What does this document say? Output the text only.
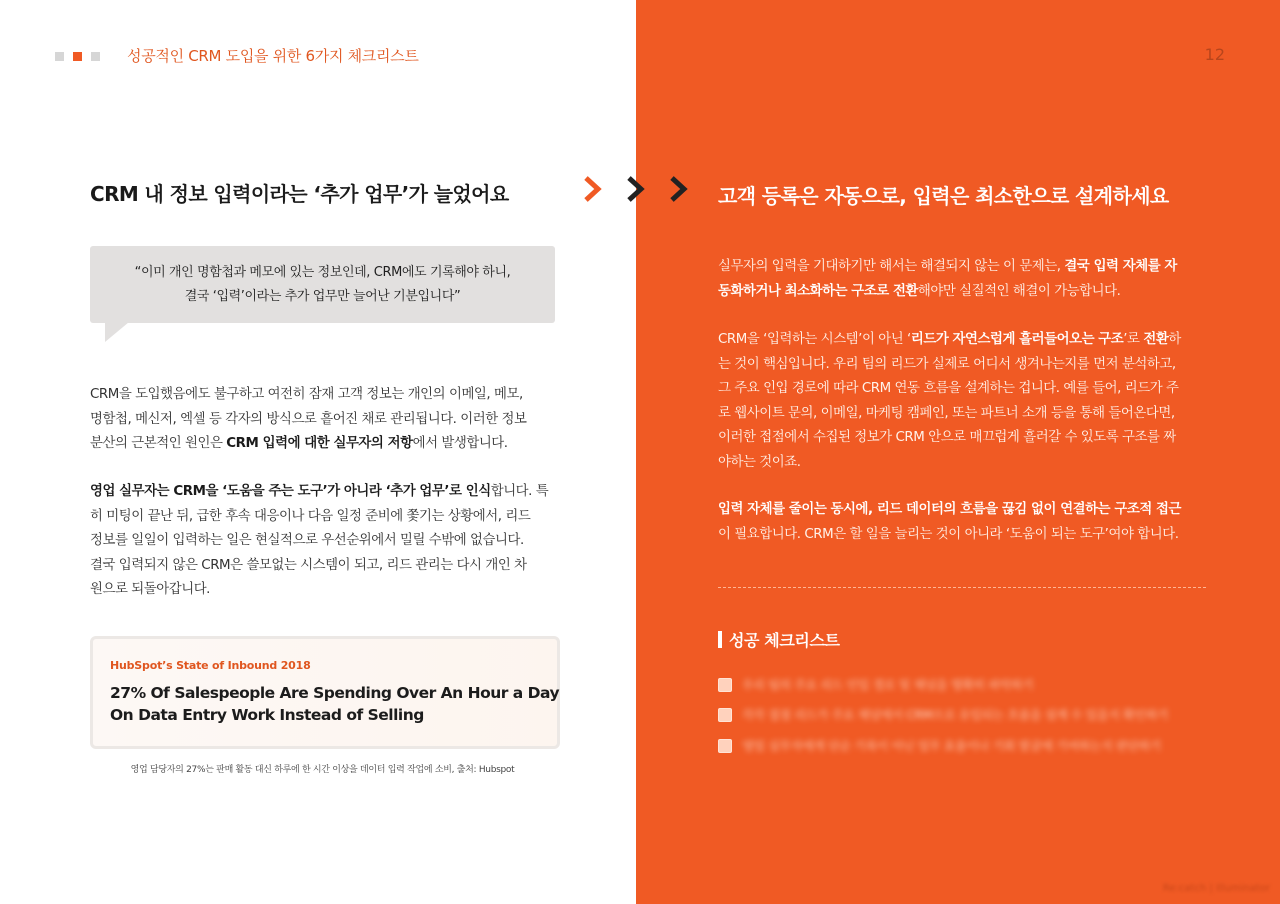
성공적인 CRM 도입을 위한 6가지 체크리스트
CRM 내 정보 입력이라는 ‘추가 업무’가 늘었어요
“이미 개인 명함첩과 메모에 있는 정보인데, CRM에도 기록해야 하니,
결국 ‘입력’이라는 추가 업무만 늘어난 기분입니다”
CRM을 도입했음에도 불구하고 여전히 잠재 고객 정보는 개인의 이메일, 메모,
명함첩, 메신저, 엑셀 등 각자의 방식으로 흩어진 채로 관리됩니다. 이러한 정보
분산의 근본적인 원인은 CRM 입력에 대한 실무자의 저항에서 발생합니다.
영업 실무자는 CRM을 ‘도움을 주는 도구’가 아니라 ‘추가 업무’로 인식합니다. 특
히 미팅이 끝난 뒤, 급한 후속 대응이나 다음 일정 준비에 쫓기는 상황에서, 리드
정보를 일일이 입력하는 일은 현실적으로 우선순위에서 밀릴 수밖에 없습니다.
결국 입력되지 않은 CRM은 쓸모없는 시스템이 되고, 리드 관리는 다시 개인 차
원으로 되돌아갑니다.
HubSpot’s State of Inbound 2018
27% Of Salespeople Are Spending Over An Hour a Day
On Data Entry Work Instead of Selling
영업 담당자의 27%는 판매 활동 대신 하루에 한 시간 이상을 데이터 입력 작업에 소비, 출처: Hubspot
12
고객 등록은 자동으로, 입력은 최소한으로 설계하세요
실무자의 입력을 기대하기만 해서는 해결되지 않는 이 문제는, 결국 입력 자체를 자
동화하거나 최소화하는 구조로 전환해야만 실질적인 해결이 가능합니다.
CRM을 ‘입력하는 시스템’이 아닌 ‘리드가 자연스럽게 흘러들어오는 구조’로 전환하
는 것이 핵심입니다. 우리 팀의 리드가 실제로 어디서 생겨나는지를 먼저 분석하고,
그 주요 인입 경로에 따라 CRM 연동 흐름을 설계하는 겁니다. 예를 들어, 리드가 주
로 웹사이트 문의, 이메일, 마케팅 캠페인, 또는 파트너 소개 등을 통해 들어온다면,
이러한 접점에서 수집된 정보가 CRM 안으로 매끄럽게 흘러갈 수 있도록 구조를 짜
야하는 것이죠.
입력 자체를 줄이는 동시에, 리드 데이터의 흐름을 끊김 없이 연결하는 구조적 접근
이 필요합니다. CRM은 할 일을 늘리는 것이 아니라 ‘도움이 되는 도구’여야 합니다.
성공 체크리스트
우리 팀의 주요 리드 인입 경로 및 채널을 명확히 파악하기
각각 접점 리드가 주요 채널에서 CRM으로 유입되는 흐름을 설계 수 있을지 확인하기
영업 실무자에게 단순 기록이 아닌 업무 효율이나 기회 발굴에 기여하는지 판단하기
Re:catch | Illuminator
